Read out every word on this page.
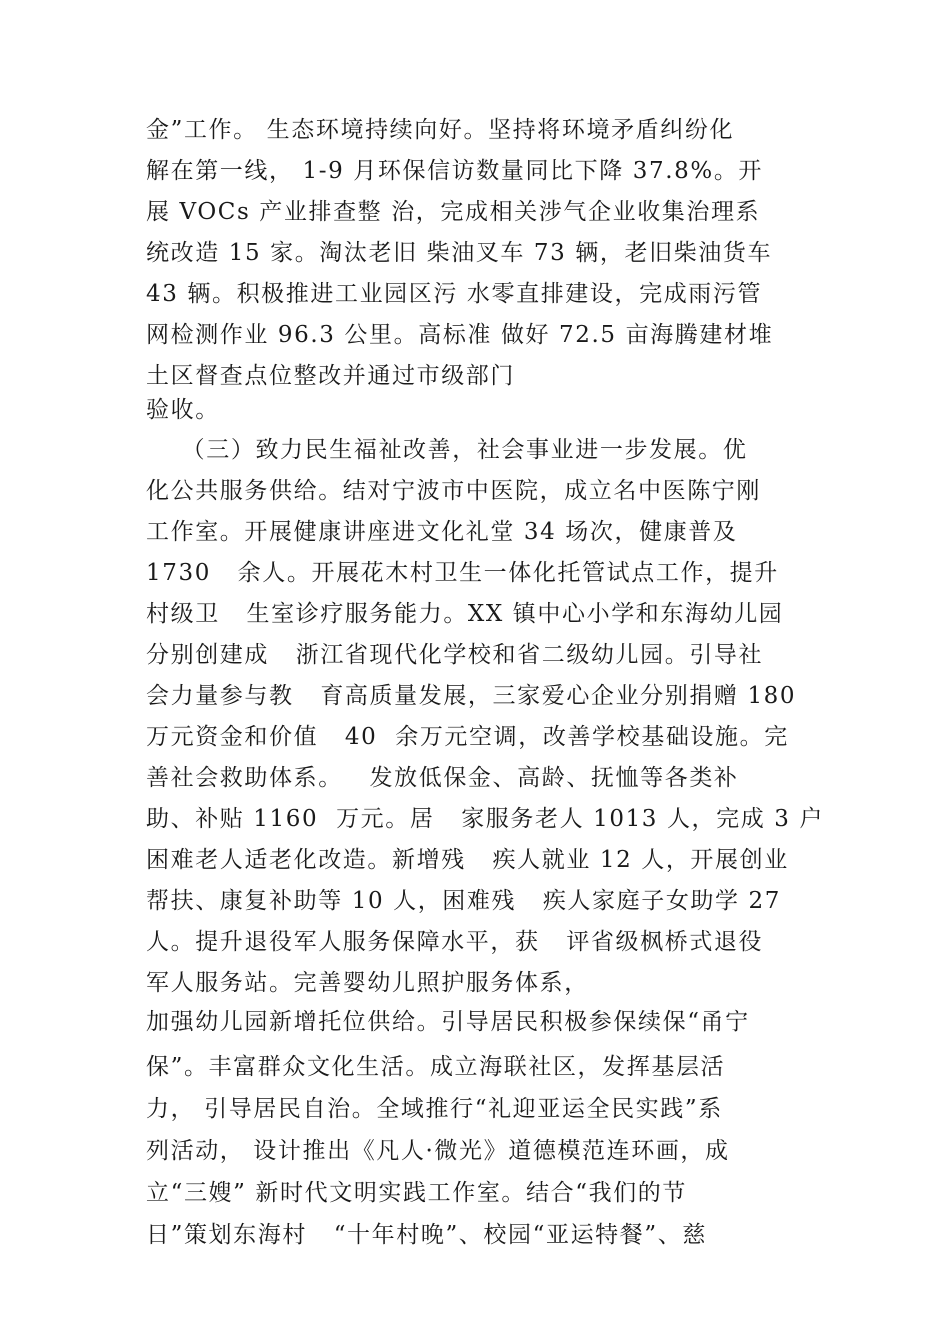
金”工作。 生态环境持续向好。坚持将环境矛盾纠纷化
解在第一线， 1-9 月环保信访数量同比下降 37.8%。开
展 VOCs 产业排查整 治，完成相关涉气企业收集治理系
统改造 15 家。淘汰老旧 柴油叉车 73 辆，老旧柴油货车
43 辆。积极推进工业园区污 水零直排建设，完成雨污管
网检测作业 96.3 公里。高标准 做好 72.5 亩海腾建材堆
土区督查点位整改并通过市级部门
验收。
（三）致力民生福祉改善，社会事业进一步发展。优
化公共服务供给。结对宁波市中医院，成立名中医陈宁刚
工作室。开展健康讲座进文化礼堂 34 场次，健康普及
1730   余人。开展花木村卫生一体化托管试点工作，提升
村级卫   生室诊疗服务能力。XX 镇中心小学和东海幼儿园
分别创建成   浙江省现代化学校和省二级幼儿园。引导社
会力量参与教   育高质量发展，三家爱心企业分别捐赠 180
万元资金和价值   40  余万元空调，改善学校基础设施。完
善社会救助体系。   发放低保金、高龄、抚恤等各类补
助、补贴 1160  万元。居   家服务老人 1013 人，完成 3 户
困难老人适老化改造。新增残   疾人就业 12 人，开展创业
帮扶、康复补助等 10 人，困难残   疾人家庭子女助学 27
人。提升退役军人服务保障水平，获   评省级枫桥式退役
军人服务站。完善婴幼儿照护服务体系，
加强幼儿园新增托位供给。引导居民积极参保续保“甬宁
保”。丰富群众文化生活。成立海联社区，发挥基层活
力， 引导居民自治。全域推行“礼迎亚运全民实践”系
列活动， 设计推出《凡人·微光》道德模范连环画，成
立“三嫂” 新时代文明实践工作室。结合“我们的节
日”策划东海村   “十年村晚”、校园“亚运特餐”、慈
